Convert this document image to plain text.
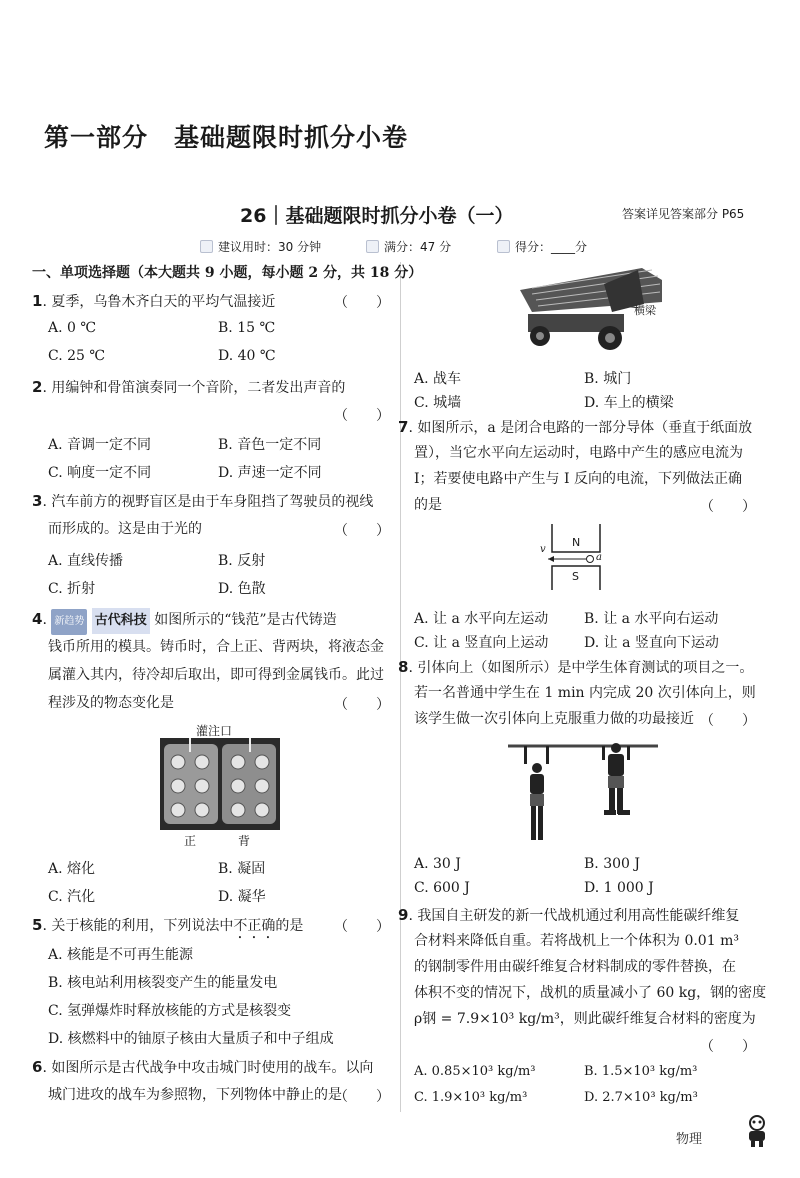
第一部分 基础题限时抓分小卷
26｜基础题限时抓分小卷（一）	答案详见答案部分 P65
建议用时：30 分钟	满分：47 分	得分：____分
一、单项选择题（本大题共 9 小题，每小题 2 分，共 18 分）
1. 夏季，乌鲁木齐白天的平均气温接近	（　　）
A. 0 ℃	B. 15 ℃
C. 25 ℃	D. 40 ℃
2. 用编钟和骨笛演奏同一个音阶，二者发出声音的
（　　）
A. 音调一定不同	B. 音色一定不同
C. 响度一定不同	D. 声速一定不同
3. 汽车前方的视野盲区是由于车身阻挡了驾驶员的视线
而形成的。这是由于光的	（　　）
A. 直线传播	B. 反射
C. 折射	D. 色散
4. 新趋势 古代科技 如图所示的“钱范”是古代铸造
钱币所用的模具。铸币时，合上正、背两块，将液态金
属灌入其内，待冷却后取出，即可得到金属钱币。此过
程涉及的物态变化是	（　　）
灌注口
正	背
A. 熔化	B. 凝固
C. 汽化	D. 凝华
5. 关于核能的利用，下列说法中不正确的是 （　　）
A. 核能是不可再生能源
B. 核电站利用核裂变产生的能量发电
C. 氢弹爆炸时释放核能的方式是核裂变
D. 核燃料中的铀原子核由大量质子和中子组成
6. 如图所示是古代战争中攻击城门时使用的战车。以向
城门进攻的战车为参照物，下列物体中静止的是
（　　）
横梁
A. 战车	B. 城门
C. 城墙	D. 车上的横梁
7. 如图所示，a 是闭合电路的一部分导体（垂直于纸面放
置），当它水平向左运动时，电路中产生的感应电流为
I；若要使电路中产生与 I 反向的电流，下列做法正确
的是	（　　）
N
S
v
a
A. 让 a 水平向左运动	B. 让 a 水平向右运动
C. 让 a 竖直向上运动	D. 让 a 竖直向下运动
8. 引体向上（如图所示）是中学生体育测试的项目之一。
若一名普通中学生在 1 min 内完成 20 次引体向上，则
该学生做一次引体向上克服重力做的功最接近 （　　）
A. 30 J	B. 300 J
C. 600 J	D. 1 000 J
9. 我国自主研发的新一代战机通过利用高性能碳纤维复
合材料来降低自重。若将战机上一个体积为 0.01 m³
的钢制零件用由碳纤维复合材料制成的零件替换，在
体积不变的情况下，战机的质量减小了 60 kg，钢的密度
ρ钢 = 7.9×10³ kg/m³，则此碳纤维复合材料的密度为
（　　）
A. 0.85×10³ kg/m³	B. 1.5×10³ kg/m³
C. 1.9×10³ kg/m³	D. 2.7×10³ kg/m³
物理
